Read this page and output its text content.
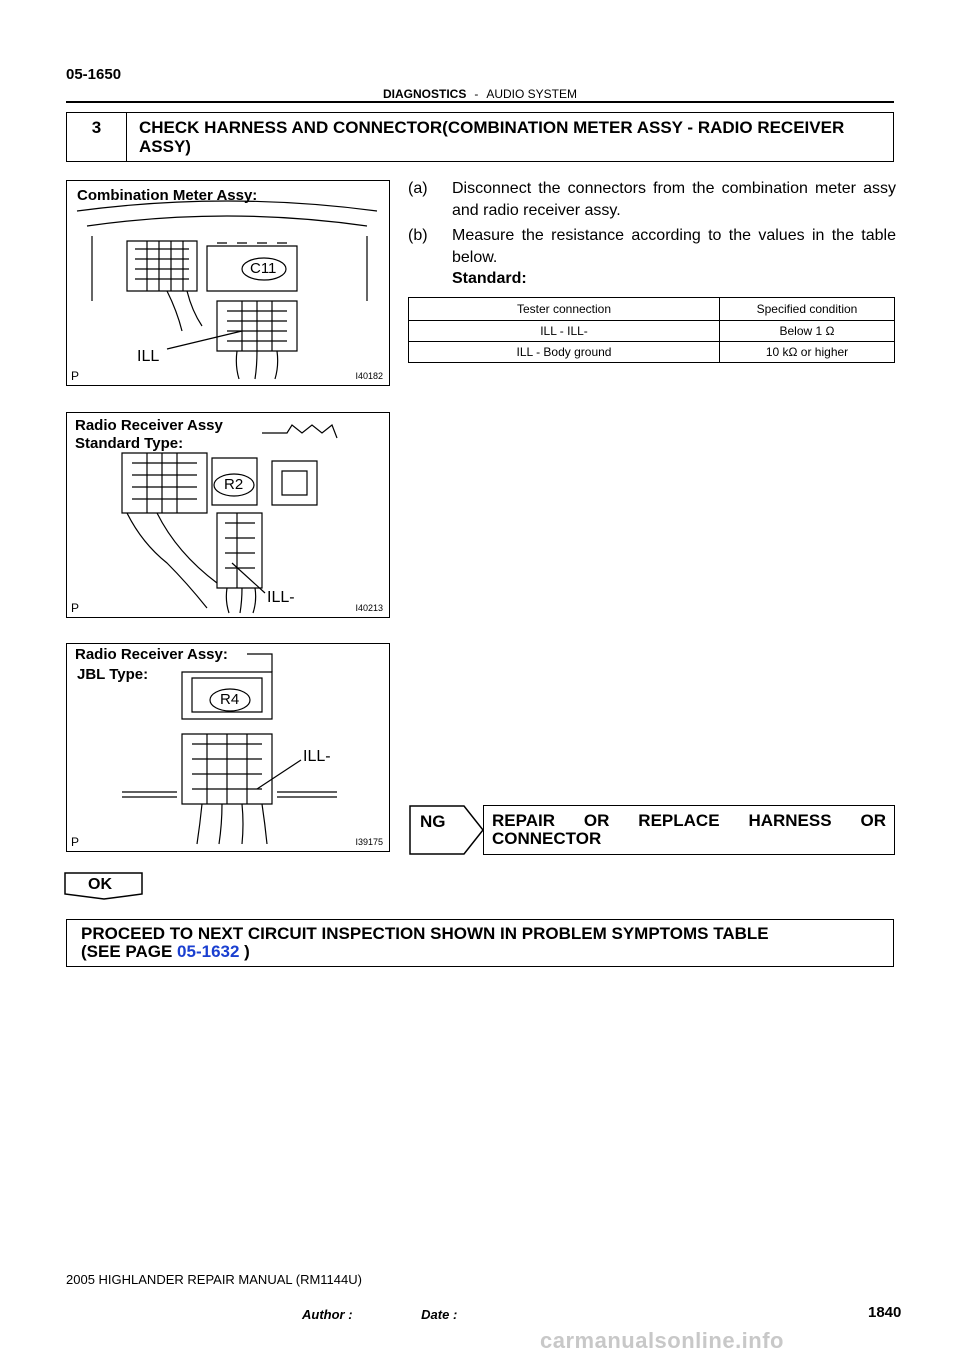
05-1650
DIAGNOSTICS - AUDIO SYSTEM
3	CHECK HARNESS AND CONNECTOR(COMBINATION METER ASSY - RADIO RECEIVER ASSY)
Combination Meter Assy:
C11
ILL
P	I40182
Radio Receiver Assy
Standard Type:
R2
ILL-
P	I40213
Radio Receiver Assy:
JBL Type:
R4
ILL-
P	I39175
(a) Disconnect the connectors from the combination meter assy and radio receiver assy.
(b) Measure the resistance according to the values in the table below.
Standard:
Tester connection	Specified condition
ILL - ILL-	Below 1 Ω
ILL - Body ground	10 kΩ or higher
NG	REPAIR OR REPLACE HARNESS OR
CONNECTOR
OK
PROCEED TO NEXT CIRCUIT INSPECTION SHOWN IN PROBLEM SYMPTOMS TABLE
(SEE PAGE 05-1632 )
2005 HIGHLANDER REPAIR MANUAL (RM1144U)
Author :                   Date :	1840
carmanualsonline.info
